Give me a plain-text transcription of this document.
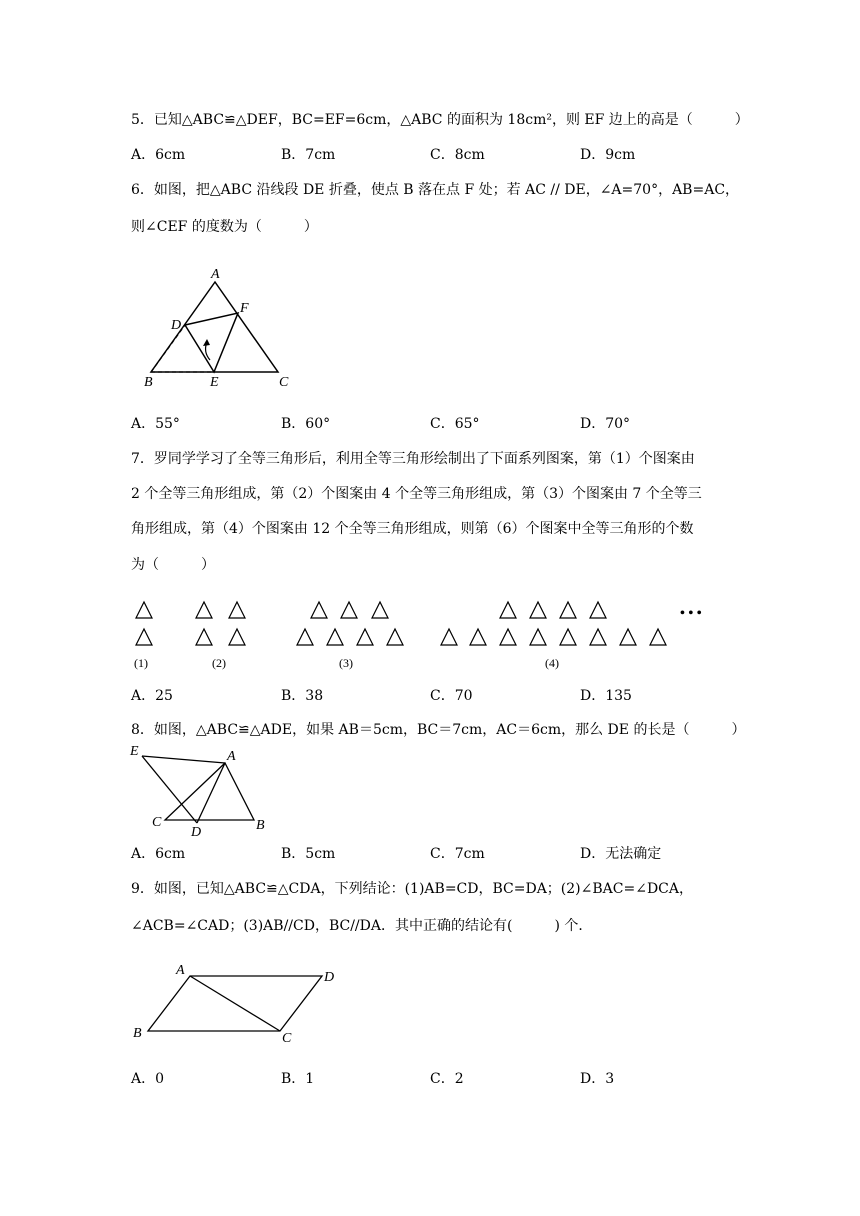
5．已知△ABC≌△DEF，BC=EF=6cm，△ABC 的面积为 18cm²，则 EF 边上的高是（　　　）
A．6cm	B．7cm	C．8cm	D．9cm
6．如图，把△ABC 沿线段 DE 折叠，使点 B 落在点 F 处；若 AC // DE，∠A=70°，AB=AC，
则∠CEF 的度数为（　　　）
A
D
F
B	E	C
A．55°	B．60°	C．65°	D．70°
7．罗同学学习了全等三角形后，利用全等三角形绘制出了下面系列图案，第（1）个图案由
2 个全等三角形组成，第（2）个图案由 4 个全等三角形组成，第（3）个图案由 7 个全等三
角形组成，第（4）个图案由 12 个全等三角形组成，则第（6）个图案中全等三角形的个数
为（　　　）
(1)	(2)	(3)	(4)
• • •
A．25	B．38	C．70	D．135
8．如图，△ABC≌△ADE，如果 AB＝5cm，BC＝7cm，AC＝6cm，那么 DE 的长是（　　　）
E	A
C
D	B
A．6cm	B．5cm	C．7cm	D．无法确定
9．如图，已知△ABC≌△CDA，下列结论：(1)AB=CD，BC=DA；(2)∠BAC=∠DCA，
∠ACB=∠CAD；(3)AB//CD，BC//DA．其中正确的结论有(　　　) 个．
A	D
B	C
A．0	B．1	C．2	D．3
